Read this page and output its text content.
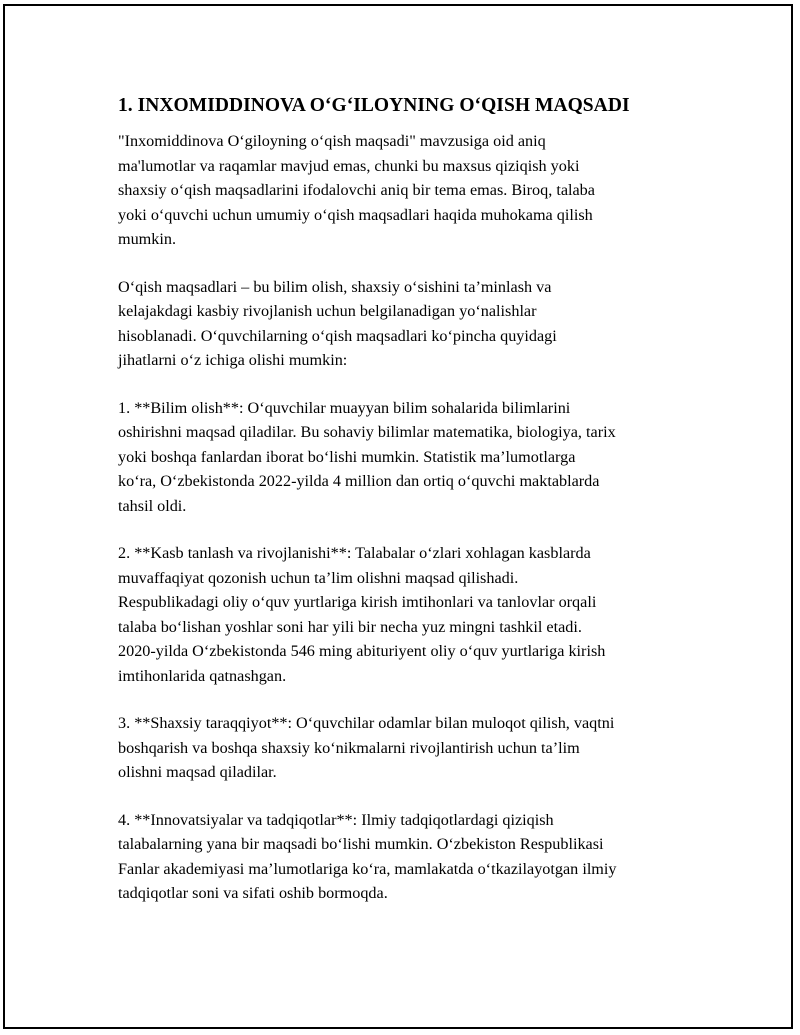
1. INXOMIDDINOVA O‘G‘ILOYNING O‘QISH MAQSADI

"Inxomiddinova O‘giloyning o‘qish maqsadi" mavzusiga oid aniq
ma'lumotlar va raqamlar mavjud emas, chunki bu maxsus qiziqish yoki
shaxsiy o‘qish maqsadlarini ifodalovchi aniq bir tema emas. Biroq, talaba
yoki o‘quvchi uchun umumiy o‘qish maqsadlari haqida muhokama qilish
mumkin.

O‘qish maqsadlari – bu bilim olish, shaxsiy o‘sishini ta’minlash va
kelajakdagi kasbiy rivojlanish uchun belgilanadigan yo‘nalishlar
hisoblanadi. O‘quvchilarning o‘qish maqsadlari ko‘pincha quyidagi
jihatlarni o‘z ichiga olishi mumkin:

1. **Bilim olish**: O‘quvchilar muayyan bilim sohalarida bilimlarini
oshirishni maqsad qiladilar. Bu sohaviy bilimlar matematika, biologiya, tarix
yoki boshqa fanlardan iborat bo‘lishi mumkin. Statistik ma’lumotlarga
ko‘ra, O‘zbekistonda 2022-yilda 4 million dan ortiq o‘quvchi maktablarda
tahsil oldi.

2. **Kasb tanlash va rivojlanishi**: Talabalar o‘zlari xohlagan kasblarda
muvaffaqiyat qozonish uchun ta’lim olishni maqsad qilishadi.
Respublikadagi oliy o‘quv yurtlariga kirish imtihonlari va tanlovlar orqali
talaba bo‘lishan yoshlar soni har yili bir necha yuz mingni tashkil etadi.
2020-yilda O‘zbekistonda 546 ming abituriyent oliy o‘quv yurtlariga kirish
imtihonlarida qatnashgan.

3. **Shaxsiy taraqqiyot**: O‘quvchilar odamlar bilan muloqot qilish, vaqtni
boshqarish va boshqa shaxsiy ko‘nikmalarni rivojlantirish uchun ta’lim
olishni maqsad qiladilar.

4. **Innovatsiyalar va tadqiqotlar**: Ilmiy tadqiqotlardagi qiziqish
talabalarning yana bir maqsadi bo‘lishi mumkin. O‘zbekiston Respublikasi
Fanlar akademiyasi ma’lumotlariga ko‘ra, mamlakatda o‘tkazilayotgan ilmiy
tadqiqotlar soni va sifati oshib bormoqda.
